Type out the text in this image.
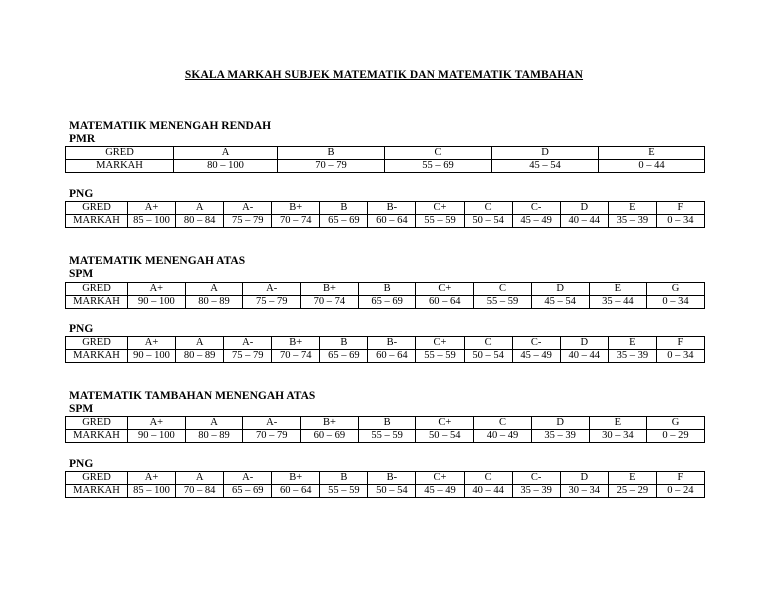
SKALA MARKAH SUBJEK MATEMATIK DAN MATEMATIK TAMBAHAN
MATEMATIIK MENENGAH RENDAH
PMR
GRED	A	B	C	D	E
MARKAH	80 – 100	70 – 79	55 – 69	45 – 54	0 – 44
PNG
GRED	A+	A	A-	B+	B	B-	C+	C	C-	D	E	F
MARKAH	85 – 100	80 – 84	75 – 79	70 – 74	65 – 69	60 – 64	55 – 59	50 – 54	45 – 49	40 – 44	35 – 39	0 – 34
MATEMATIK MENENGAH ATAS
SPM
GRED	A+	A	A-	B+	B	C+	C	D	E	G
MARKAH	90 – 100	80 – 89	75 – 79	70 – 74	65 – 69	60 – 64	55 – 59	45 – 54	35 – 44	0 – 34
PNG
GRED	A+	A	A-	B+	B	B-	C+	C	C-	D	E	F
MARKAH	90 – 100	80 – 89	75 – 79	70 – 74	65 – 69	60 – 64	55 – 59	50 – 54	45 – 49	40 – 44	35 – 39	0 – 34
MATEMATIK TAMBAHAN MENENGAH ATAS
SPM
GRED	A+	A	A-	B+	B	C+	C	D	E	G
MARKAH	90 – 100	80 – 89	70 – 79	60 – 69	55 – 59	50 – 54	40 – 49	35 – 39	30 – 34	0 – 29
PNG
GRED	A+	A	A-	B+	B	B-	C+	C	C-	D	E	F
MARKAH	85 – 100	70 – 84	65 – 69	60 – 64	55 – 59	50 – 54	45 – 49	40 – 44	35 – 39	30 – 34	25 – 29	0 – 24
